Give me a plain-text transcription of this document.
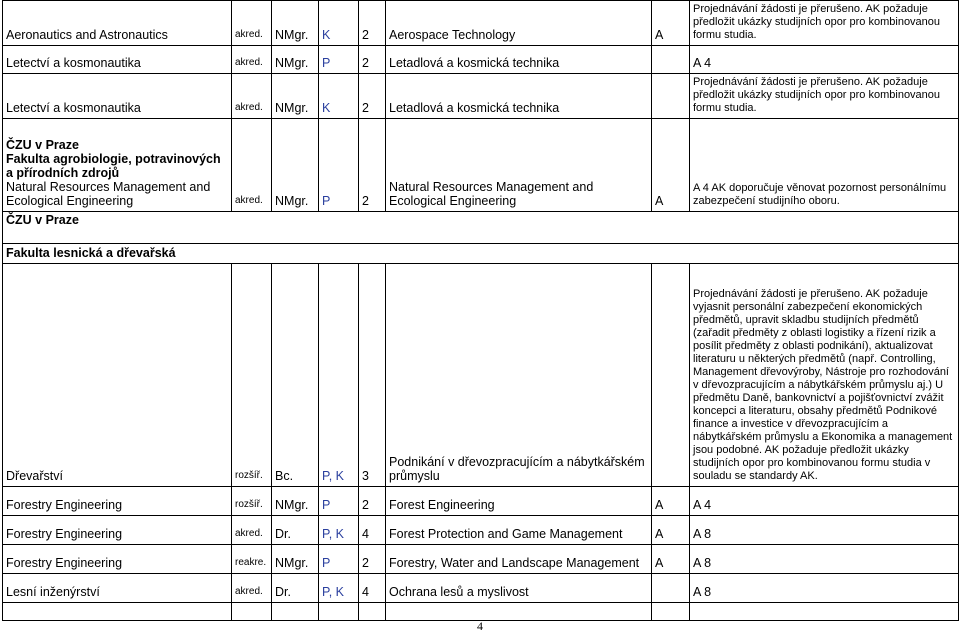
Aeronautics and Astronautics	akred.	NMgr.	K	2	Aerospace Technology	A	Projednávání žádosti je přerušeno. AK požaduje předložit ukázky studijních opor pro kombinovanou formu studia.
Letectví a kosmonautika	akred.	NMgr.	P	2	Letadlová a kosmická technika		A 4
Letectví a kosmonautika	akred.	NMgr.	K	2	Letadlová a kosmická technika		Projednávání žádosti je přerušeno. AK požaduje předložit ukázky studijních opor pro kombinovanou formu studia.

ČZU v Praze
Fakulta agrobiologie, potravinových a přírodních zdrojů
Natural Resources Management and Ecological Engineering	akred.	NMgr.	P	2	Natural Resources Management and Ecological Engineering	A	A 4 AK doporučuje věnovat pozornost personálnímu zabezpečení studijního oboru.
ČZU v Praze							
Fakulta lesnická a dřevařská							
Dřevařství	rozšíř.	Bc.	P, K	3	Podnikání v dřevozpracujícím a nábytkářském průmyslu		Projednávání žádosti je přerušeno. AK požaduje vyjasnit personální zabezpečení ekonomických předmětů, upravit skladbu studijních předmětů (zařadit předměty z oblasti logistiky a řízení rizik a posílit předměty z oblasti podnikání), aktualizovat literaturu u některých předmětů (např. Controlling, Management dřevovýroby, Nástroje pro rozhodování v dřevozpracujícím a nábytkářském průmyslu aj.) U předmětu Daně, bankovnictví a pojišťovnictví zvážit koncepci a literaturu, obsahy předmětů Podnikové finance a investice v dřevozpracujícím a nábytkářském průmyslu a Ekonomika a management jsou podobné. AK požaduje předložit ukázky studijních opor pro kombinovanou formu studia v souladu se standardy AK.
Forestry Engineering	rozšíř.	NMgr.	P	2	Forest Engineering	A	A 4
Forestry Engineering	akred.	Dr.	P, K	4	Forest Protection and Game Management	A	A 8
Forestry Engineering	reakre.	NMgr.	P	2	Forestry, Water and Landscape Management	A	A 8
Lesní inženýrství	akred.	Dr.	P, K	4	Ochrana lesů a myslivost		A 8

4
